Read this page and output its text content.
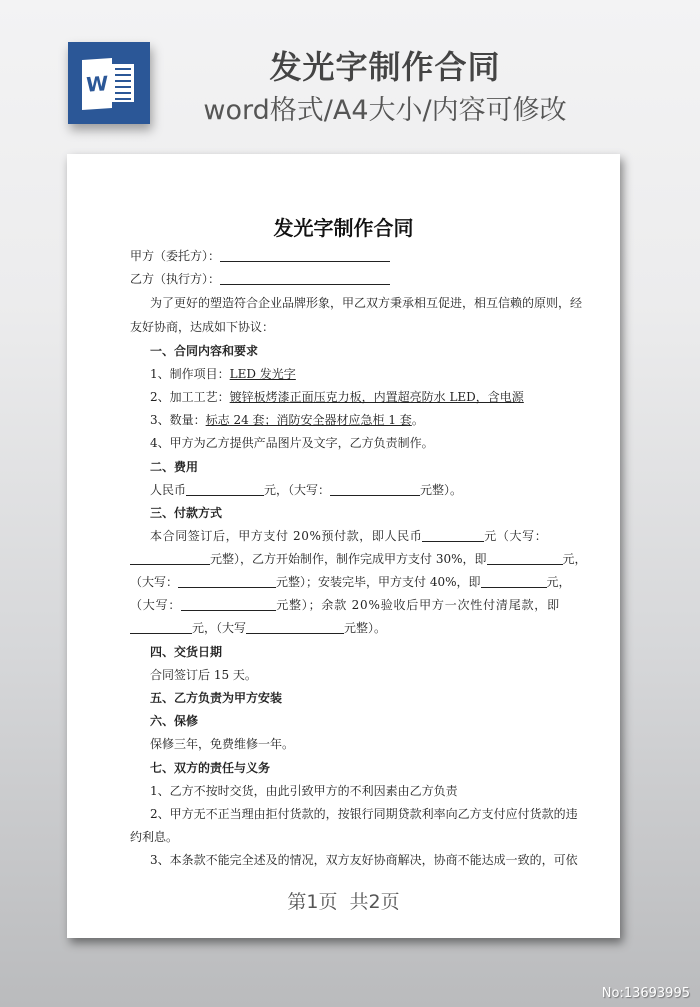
W	发光字制作合同
word格式/A4大小/内容可修改
发光字制作合同
甲方（委托方）：
乙方（执行方）：
为了更好的塑造符合企业品牌形象，甲乙双方秉承相互促进，相互信赖的原则，经
友好协商，达成如下协议：
一、合同内容和要求
1、制作项目：LED 发光字
2、加工工艺：镀锌板烤漆正面压克力板，内置超亮防水 LED，含电源
3、数量：标志 24 套；消防安全器材应急柜 1 套。
4、甲方为乙方提供产品图片及文字，乙方负责制作。
二、费用
人民币	元，（大写：	元整）。
三、付款方式
本合同签订后，甲方支付 20%预付款，即人民币	元（大写：
元整），乙方开始制作，制作完成甲方支付 30%，即	元，
（大写：	元整）；安装完毕，甲方支付 40%，即	元，
（大写：	元整）；余款 20%验收后甲方一次性付清尾款，即
元，（大写	元整）。
四、交货日期
合同签订后 15 天。
五、乙方负责为甲方安装
六、保修
保修三年，免费维修一年。
七、双方的责任与义务
1、乙方不按时交货，由此引致甲方的不利因素由乙方负责
2、甲方无不正当理由拒付货款的，按银行同期贷款利率向乙方支付应付货款的违
约利息。
3、本条款不能完全述及的情况，双方友好协商解决，协商不能达成一致的，可依
第1页 共2页
No:13693995
